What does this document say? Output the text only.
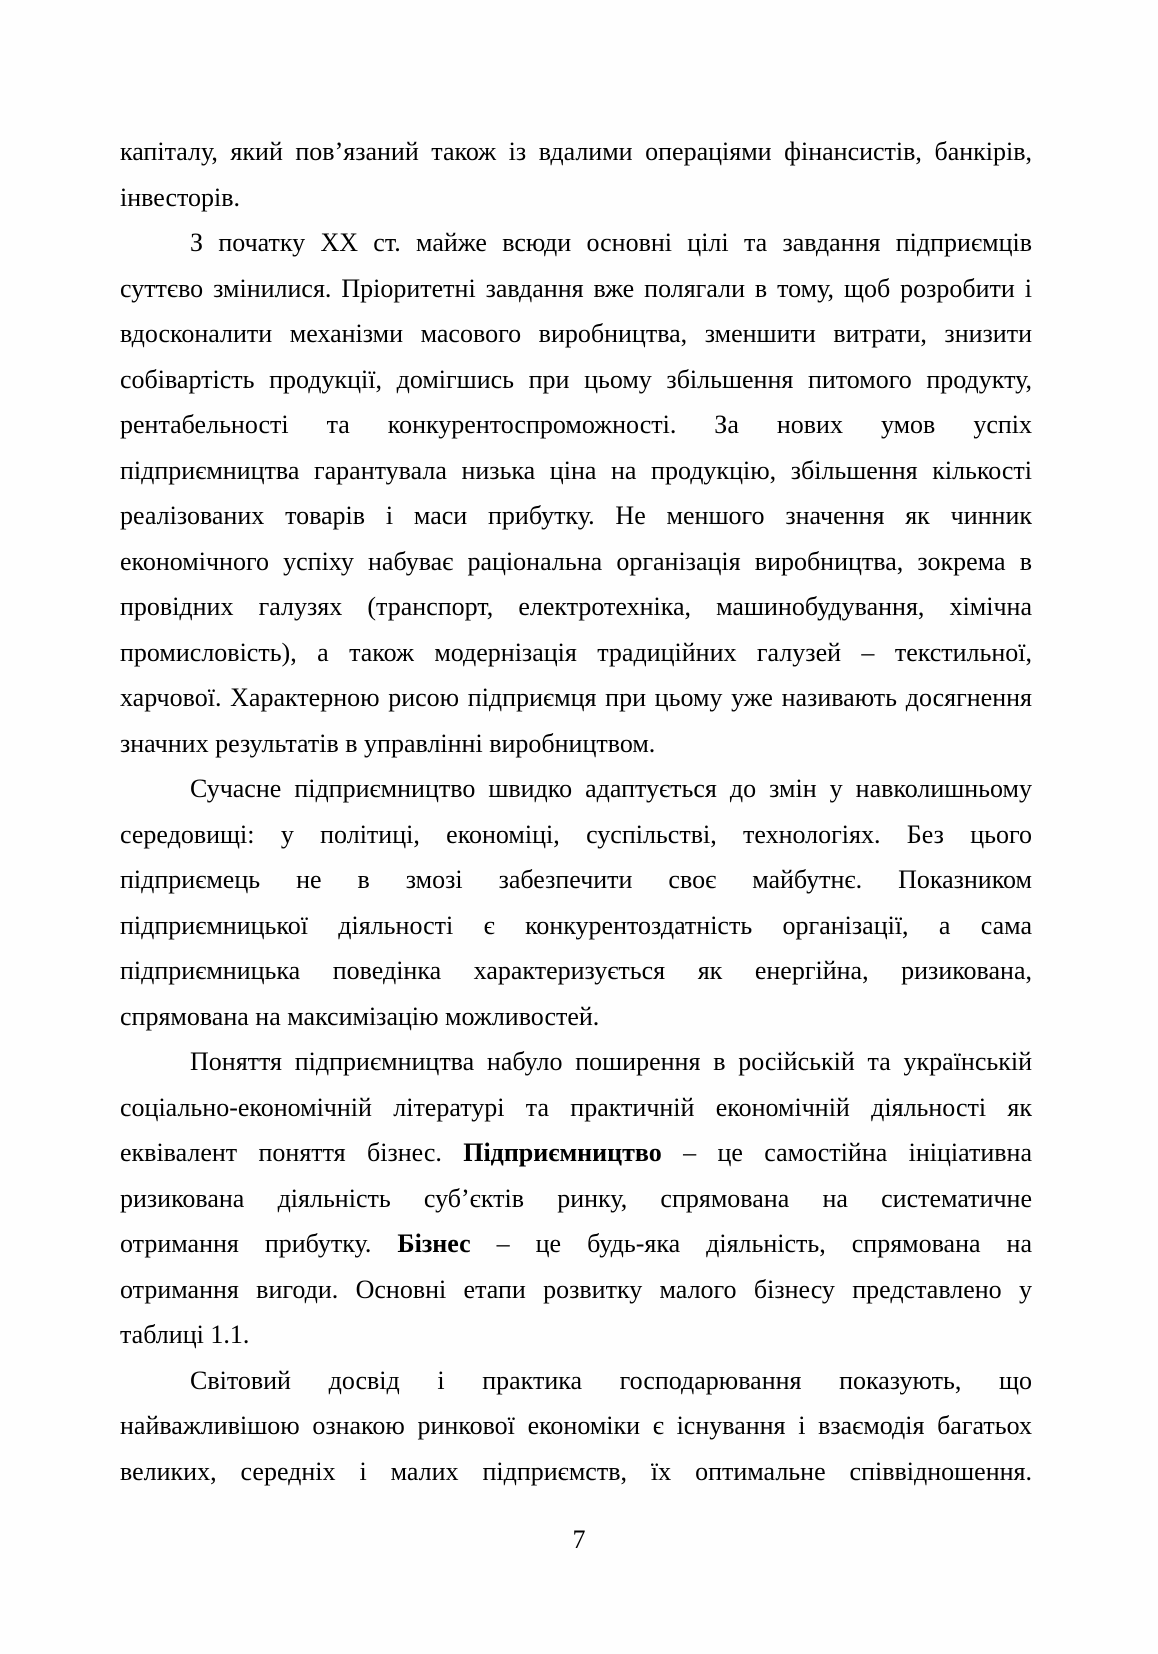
капіталу, який пов’язаний також із вдалими операціями фінансистів, банкірів,
інвесторів.
З початку XX ст. майже всюди основні цілі та завдання підприємців
суттєво змінилися. Пріоритетні завдання вже полягали в тому, щоб розробити і
вдосконалити механізми масового виробництва, зменшити витрати, знизити
собівартість продукції, домігшись при цьому збільшення питомого продукту,
рентабельності та конкурентоспроможності. За нових умов успіх
підприємництва гарантувала низька ціна на продукцію, збільшення кількості
реалізованих товарів і маси прибутку. Не меншого значення як чинник
економічного успіху набуває раціональна організація виробництва, зокрема в
провідних галузях (транспорт, електротехніка, машинобудування, хімічна
промисловість), а також модернізація традиційних галузей – текстильної,
харчової. Характерною рисою підприємця при цьому уже називають досягнення
значних результатів в управлінні виробництвом.
Сучасне підприємництво швидко адаптується до змін у навколишньому
середовищі: у політиці, економіці, суспільстві, технологіях. Без цього
підприємець не в змозі забезпечити своє майбутнє. Показником
підприємницької діяльності є конкурентоздатність організації, а сама
підприємницька поведінка характеризується як енергійна, ризикована,
спрямована на максимізацію можливостей.
Поняття підприємництва набуло поширення в російській та українській
соціально-економічній літературі та практичній економічній діяльності як
еквівалент поняття бізнес. Підприємництво – це самостійна ініціативна
ризикована діяльність суб’єктів ринку, спрямована на систематичне
отримання прибутку. Бізнес – це будь-яка діяльність, спрямована на
отримання вигоди. Основні етапи розвитку малого бізнесу представлено у
таблиці 1.1.
Світовий досвід і практика господарювання показують, що
найважливішою ознакою ринкової економіки є існування і взаємодія багатьох
великих, середніх і малих підприємств, їх оптимальне співвідношення.
7
